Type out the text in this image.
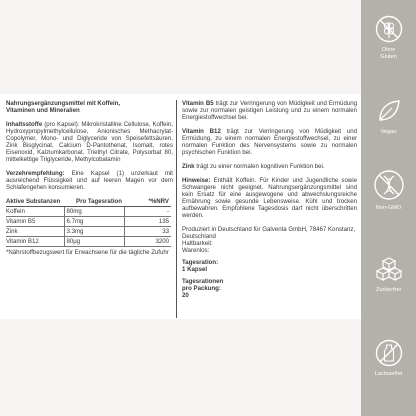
Nahrungsergänzungsmittel mit Koffein,
Vitaminen und Mineralien
Inhaltsstoffe (pro Kapsel): Mikrokristalline Cellulose, Koffein, Hydroxypropylmethylcellulose, Anionisches Methacrylat-Copolymer, Mono- und Diglyceride von Speisefettsäuren, Zink Bisglycinat, Calcium D-Pantothenat, Isomalt, rotes Eisenoxid, Kalziumkarbonat, Triethyl Citrate, Polysorbat 80, mittelkettige Triglyceride, Methylcobalamin
Verzehrempfehlung: Eine Kapsel (1) unzerkaut mit ausreichend Flüssigkeit und auf leeren Magen vor dem Schlafengehen konsumieren.
Aktive Substanzen	Pro Tagesration	*%NRV
Koffein	80mg	-
Vitamin B5	6.7mg	135
Zink	3.3mg	33
Vitamin B12	80µg	3200
*Nährstoffbezugswert für Erwachsene für die tägliche Zufuhr
Vitamin B5 trägt zur Verringerung von Müdigkeit und Ermüdung sowie zur normalen geistigen Leistung und zu einem normalen Energiestoffwechsel bei.
Vitamin B12 trägt zur Verringerung von Müdigkeit und Ermüdung, zu einem normalen Energiestoffwechsel, zu einer normalen Funktion des Nervensystems sowie zu normalen psychischen Funktion bei.
Zink trägt zu einer normalen kognitiven Funktion bei.
Hinweise: Enthält Koffein. Für Kinder und Jugendliche sowie Schwangere nicht geeignet. Nahrungsergänzungsmittel sind kein Ersatz für eine ausgewogene und abwechslungsreiche Ernährung sowie gesunde Lebensweise. Kühl und trocken aufbewahren. Empfohlene Tagesdosis darf nicht überschritten werden.
Produziert in Deutschland für Galventa GmbH, 78467 Konstanz, Deutschland
Haltbarkeit:
Warenlos:
Tagesration:
1 Kapsel
Tagesrationen
pro Packung:
20
Ohne
Gluten
Vegan
Non-GMO
Zuckerfrei
Lactosefrei
